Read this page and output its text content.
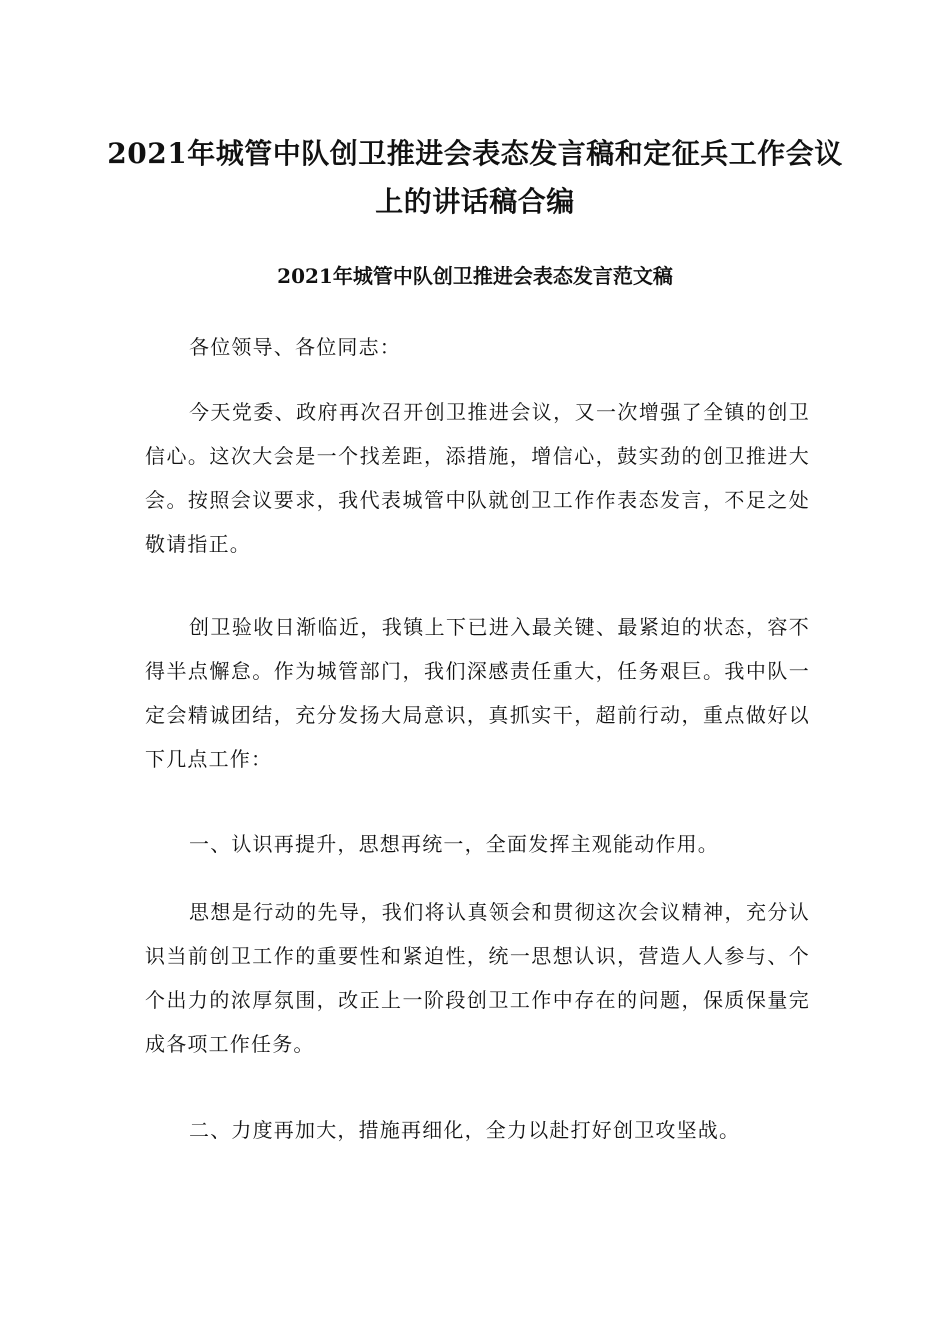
2021年城管中队创卫推进会表态发言稿和定征兵工作会议上的讲话稿合编
2021年城管中队创卫推进会表态发言范文稿

各位领导、各位同志：

今天党委、政府再次召开创卫推进会议，又一次增强了全镇的创卫信心。这次大会是一个找差距，添措施，增信心，鼓实劲的创卫推进大会。按照会议要求，我代表城管中队就创卫工作作表态发言，不足之处敬请指正。

创卫验收日渐临近，我镇上下已进入最关键、最紧迫的状态，容不得半点懈怠。作为城管部门，我们深感责任重大，任务艰巨。我中队一定会精诚团结，充分发扬大局意识，真抓实干，超前行动，重点做好以下几点工作：

一、认识再提升，思想再统一，全面发挥主观能动作用。

思想是行动的先导，我们将认真领会和贯彻这次会议精神，充分认识当前创卫工作的重要性和紧迫性，统一思想认识，营造人人参与、个个出力的浓厚氛围，改正上一阶段创卫工作中存在的问题，保质保量完成各项工作任务。

二、力度再加大，措施再细化，全力以赴打好创卫攻坚战。
